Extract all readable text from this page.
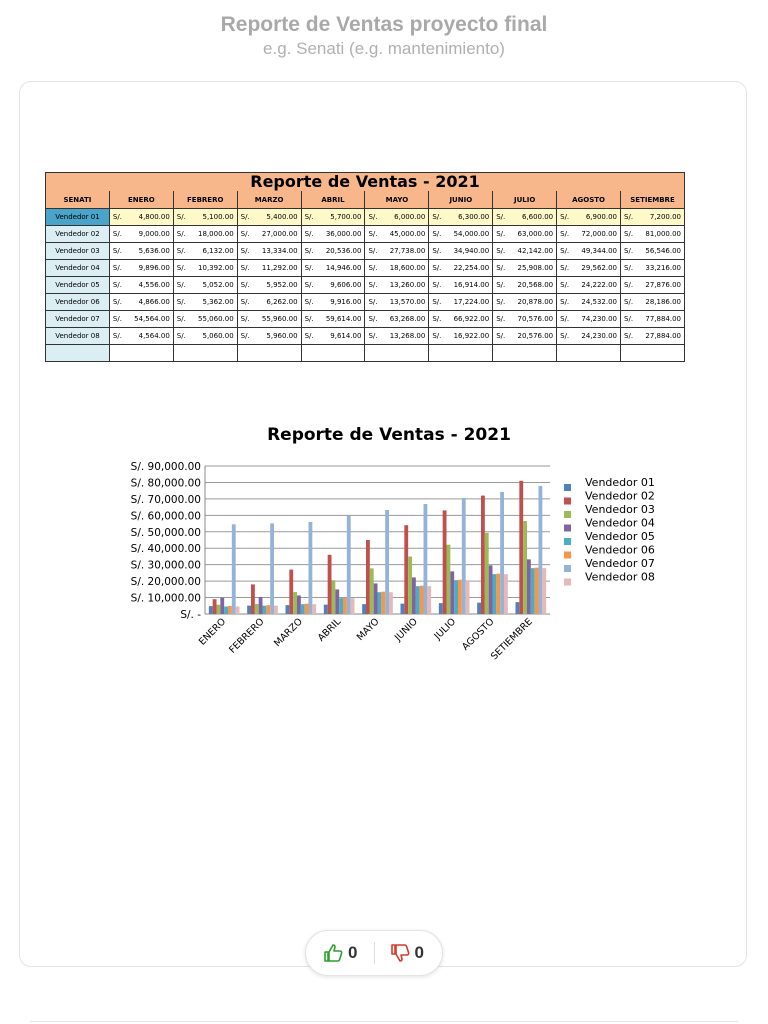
Reporte de Ventas proyecto final
e.g. Senati (e.g. mantenimiento)

SENATI	ENERO	FEBRERO	MARZO	ABRIL	MAYO	JUNIO	JULIO	AGOSTO	SETIEMBRE
Vendedor 01	S/. 4,800.00	S/. 5,100.00	S/. 5,400.00	S/. 5,700.00	S/. 6,000.00	S/. 6,300.00	S/. 6,600.00	S/. 6,900.00	S/. 7,200.00

Vendedor 02	S/. 9,000.00	S/. 18,000.00	S/. 27,000.00	S/. 36,000.00	S/. 45,000.00	S/. 54,000.00	S/. 63,000.00	S/. 72,000.00	S/. 81,000.00

Vendedor 03	S/. 5,636.00	S/. 6,132.00	S/. 13,334.00	S/. 20,536.00	S/. 27,738.00	S/. 34,940.00	S/. 42,142.00	S/. 49,344.00	S/. 56,546.00

Vendedor 04	S/. 9,896.00	S/. 10,392.00	S/. 11,292.00	S/. 14,946.00	S/. 18,600.00	S/. 22,254.00	S/. 25,908.00	S/. 29,562.00	S/. 33,216.00

Vendedor 05	S/. 4,556.00	S/. 5,052.00	S/. 5,952.00	S/. 9,606.00	S/. 13,260.00	S/. 16,914.00	S/. 20,568.00	S/. 24,222.00	S/. 27,876.00

Vendedor 06	S/. 4,866.00	S/. 5,362.00	S/. 6,262.00	S/. 9,916.00	S/. 13,570.00	S/. 17,224.00	S/. 20,878.00	S/. 24,532.00	S/. 28,186.00

Vendedor 07	S/. 54,564.00	S/. 55,060.00	S/. 55,960.00	S/. 59,614.00	S/. 63,268.00	S/. 66,922.00	S/. 70,576.00	S/. 74,230.00	S/. 77,884.00

Vendedor 08	S/. 4,564.00	S/. 5,060.00	S/. 5,960.00	S/. 9,614.00	S/. 13,268.00	S/. 16,922.00	S/. 20,576.00	S/. 24,230.00	S/. 27,884.00

Reporte de Ventas - 2021
Reporte de Ventas - 2021
S/. -
S/. 10,000.00
S/. 20,000.00
S/. 30,000.00
S/. 40,000.00
S/. 50,000.00
S/. 60,000.00
S/. 70,000.00
S/. 80,000.00
S/. 90,000.00
ENERO
FEBRERO MARZO ABRIL MAYO JUNIO JULIO AGOSTO
SETIEMBRE
Vendedor 01
Vendedor 02
Vendedor 03
Vendedor 04
Vendedor 05
Vendedor 06
Vendedor 07
Vendedor 08
0	0
